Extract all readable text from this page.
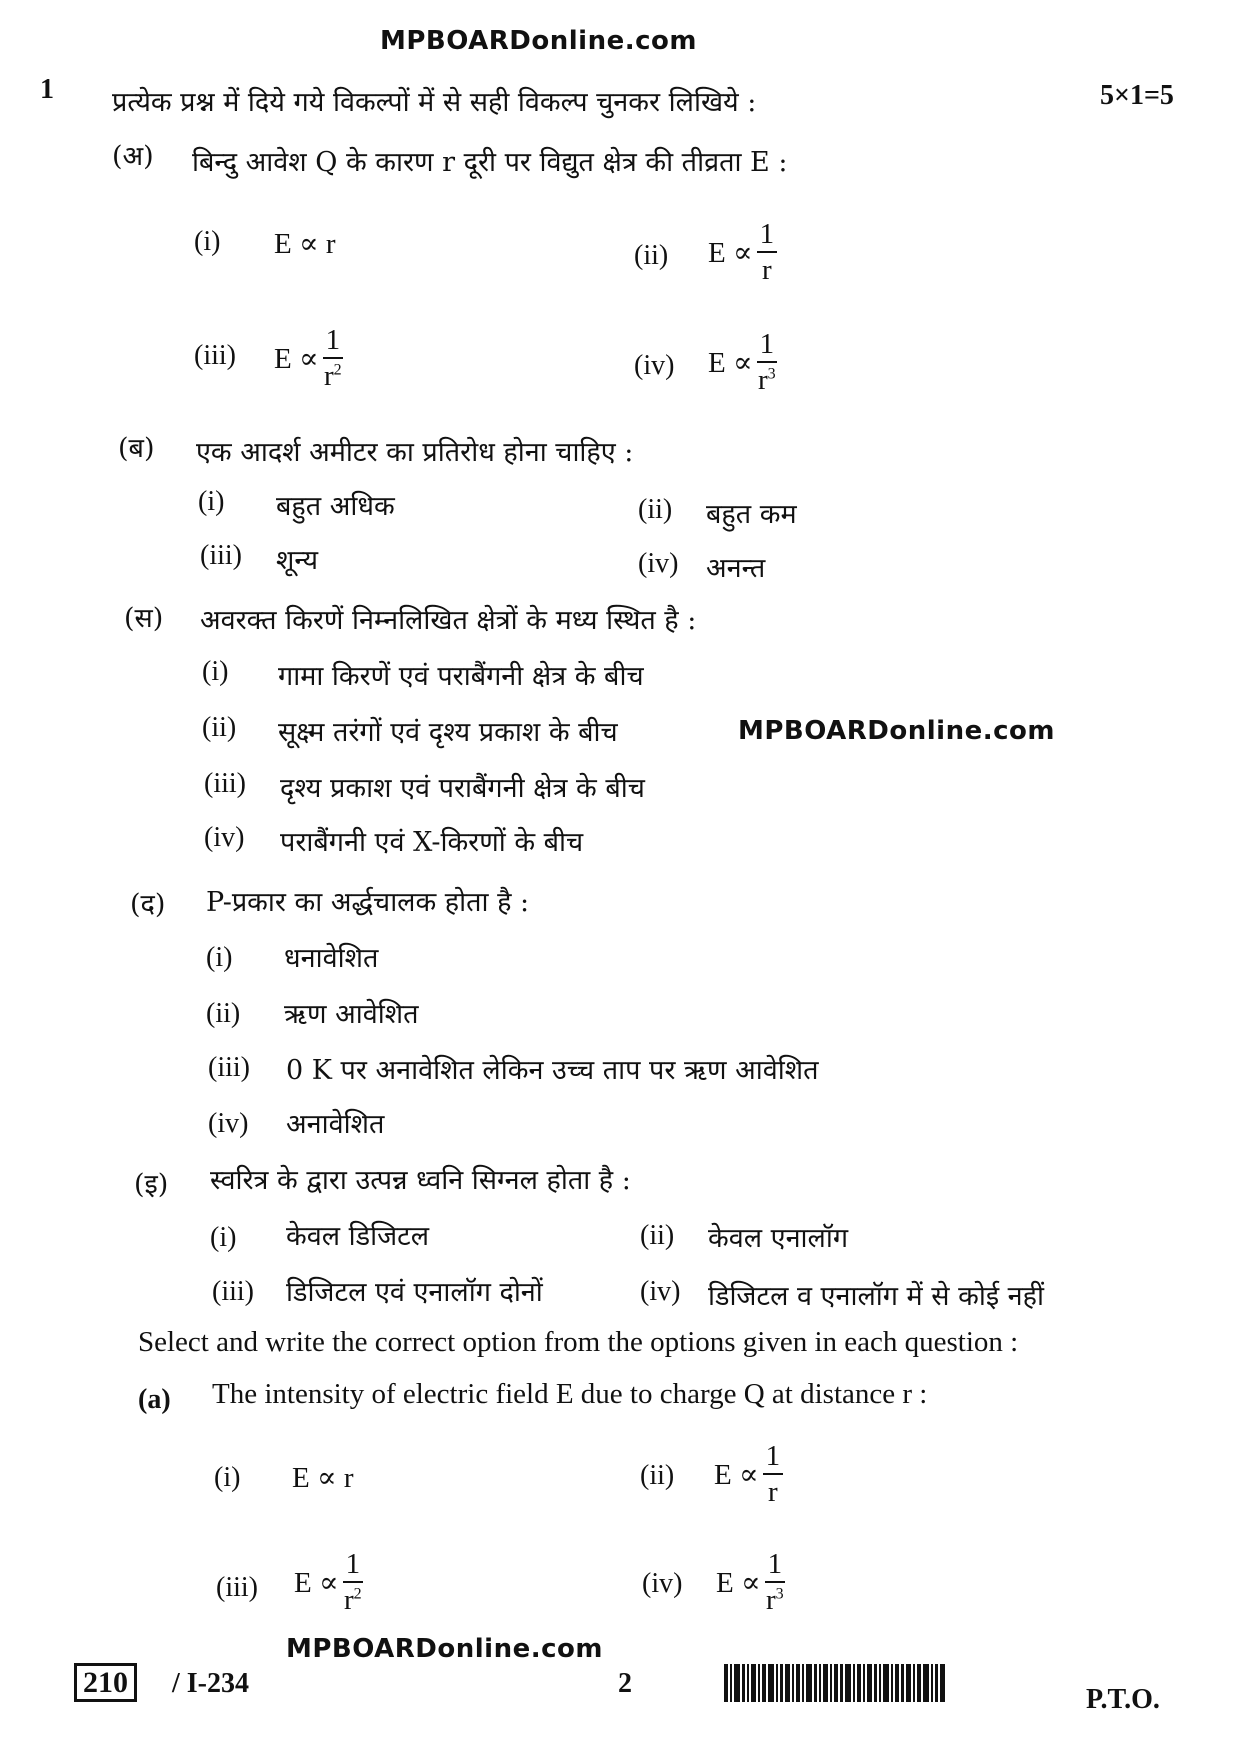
MPBOARDonline.com
1 प्रत्येक प्रश्न में दिये गये विकल्पों में से सही विकल्प चुनकर लिखिये :	5×1=5
(अ) बिन्दु आवेश Q के कारण r दूरी पर विद्युत क्षेत्र की तीव्रता E :
(i) E ∝ r	(ii) $E \propto \frac{1}{r}$
(iii) $E \propto \frac{1}{r^2}$	(iv) $E \propto \frac{1}{r^3}$
(ब) एक आदर्श अमीटर का प्रतिरोध होना चाहिए :
(i) बहुत अधिक	(ii) बहुत कम
(iii) शून्य	(iv) अनन्त
(स) अवरक्त किरणें निम्नलिखित क्षेत्रों के मध्य स्थित है :
(i) गामा किरणें एवं पराबैंगनी क्षेत्र के बीच
(ii) सूक्ष्म तरंगों एवं दृश्य प्रकाश के बीच	MPBOARDonline.com
(iii) दृश्य प्रकाश एवं पराबैंगनी क्षेत्र के बीच
(iv) पराबैंगनी एवं X-किरणों के बीच
(द) P-प्रकार का अर्द्धचालक होता है :
(i) धनावेशित
(ii) ऋण आवेशित
(iii) 0 K पर अनावेशित लेकिन उच्च ताप पर ऋण आवेशित
(iv) अनावेशित
(इ) स्वरित्र के द्वारा उत्पन्न ध्वनि सिग्नल होता है :
(i) केवल डिजिटल	(ii) केवल एनालॉग
(iii) डिजिटल एवं एनालॉग दोनों	(iv) डिजिटल व एनालॉग में से कोई नहीं
Select and write the correct option from the options given in each question :
(a) The intensity of electric field E due to charge Q at distance r :
(i) E ∝ r	(ii) $E \propto \frac{1}{r}$
(iii) $E \propto \frac{1}{r^2}$	(iv) $E \propto \frac{1}{r^3}$
MPBOARDonline.com
210	/ I-234	2
P.T.O.
